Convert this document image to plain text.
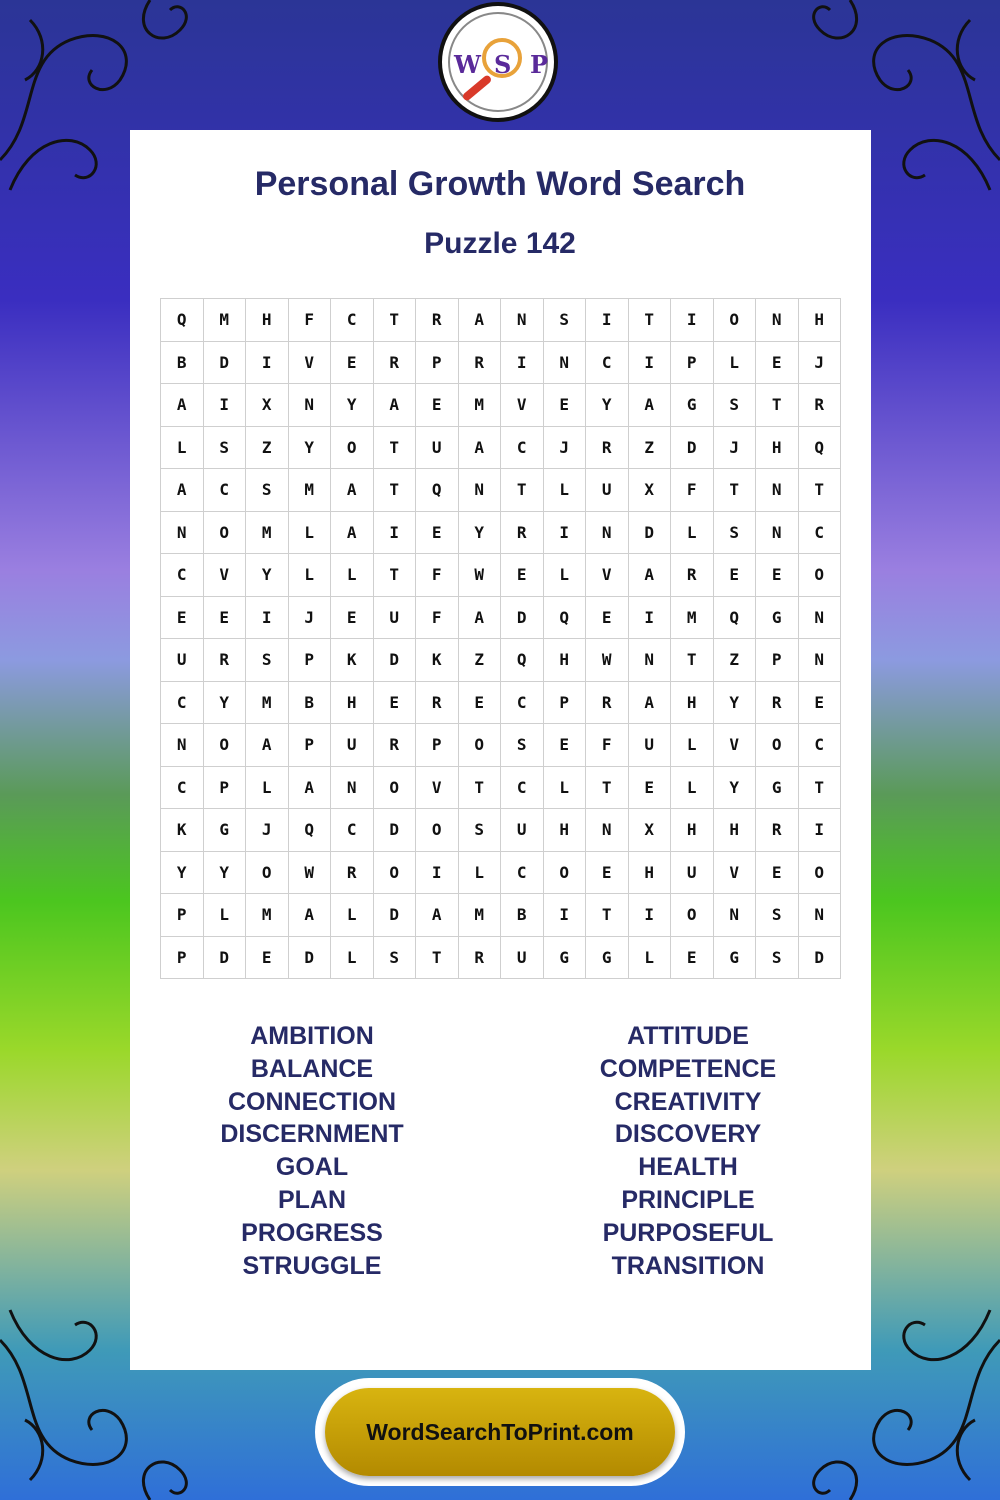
W S P
Personal Growth Word Search
Puzzle 142
Q	M	H	F	C	T	R	A	N	S	I	T	I	O	N	H
B	D	I	V	E	R	P	R	I	N	C	I	P	L	E	J
A	I	X	N	Y	A	E	M	V	E	Y	A	G	S	T	R
L	S	Z	Y	O	T	U	A	C	J	R	Z	D	J	H	Q
A	C	S	M	A	T	Q	N	T	L	U	X	F	T	N	T
N	O	M	L	A	I	E	Y	R	I	N	D	L	S	N	C
C	V	Y	L	L	T	F	W	E	L	V	A	R	E	E	O
E	E	I	J	E	U	F	A	D	Q	E	I	M	Q	G	N
U	R	S	P	K	D	K	Z	Q	H	W	N	T	Z	P	N
C	Y	M	B	H	E	R	E	C	P	R	A	H	Y	R	E
N	O	A	P	U	R	P	O	S	E	F	U	L	V	O	C
C	P	L	A	N	O	V	T	C	L	T	E	L	Y	G	T
K	G	J	Q	C	D	O	S	U	H	N	X	H	H	R	I
Y	Y	O	W	R	O	I	L	C	O	E	H	U	V	E	O
P	L	M	A	L	D	A	M	B	I	T	I	O	N	S	N
P	D	E	D	L	S	T	R	U	G	G	L	E	G	S	D
AMBITION
BALANCE
CONNECTION
DISCERNMENT
GOAL
PLAN
PROGRESS
STRUGGLE
ATTITUDE
COMPETENCE
CREATIVITY
DISCOVERY
HEALTH
PRINCIPLE
PURPOSEFUL
TRANSITION
WordSearchToPrint.com
